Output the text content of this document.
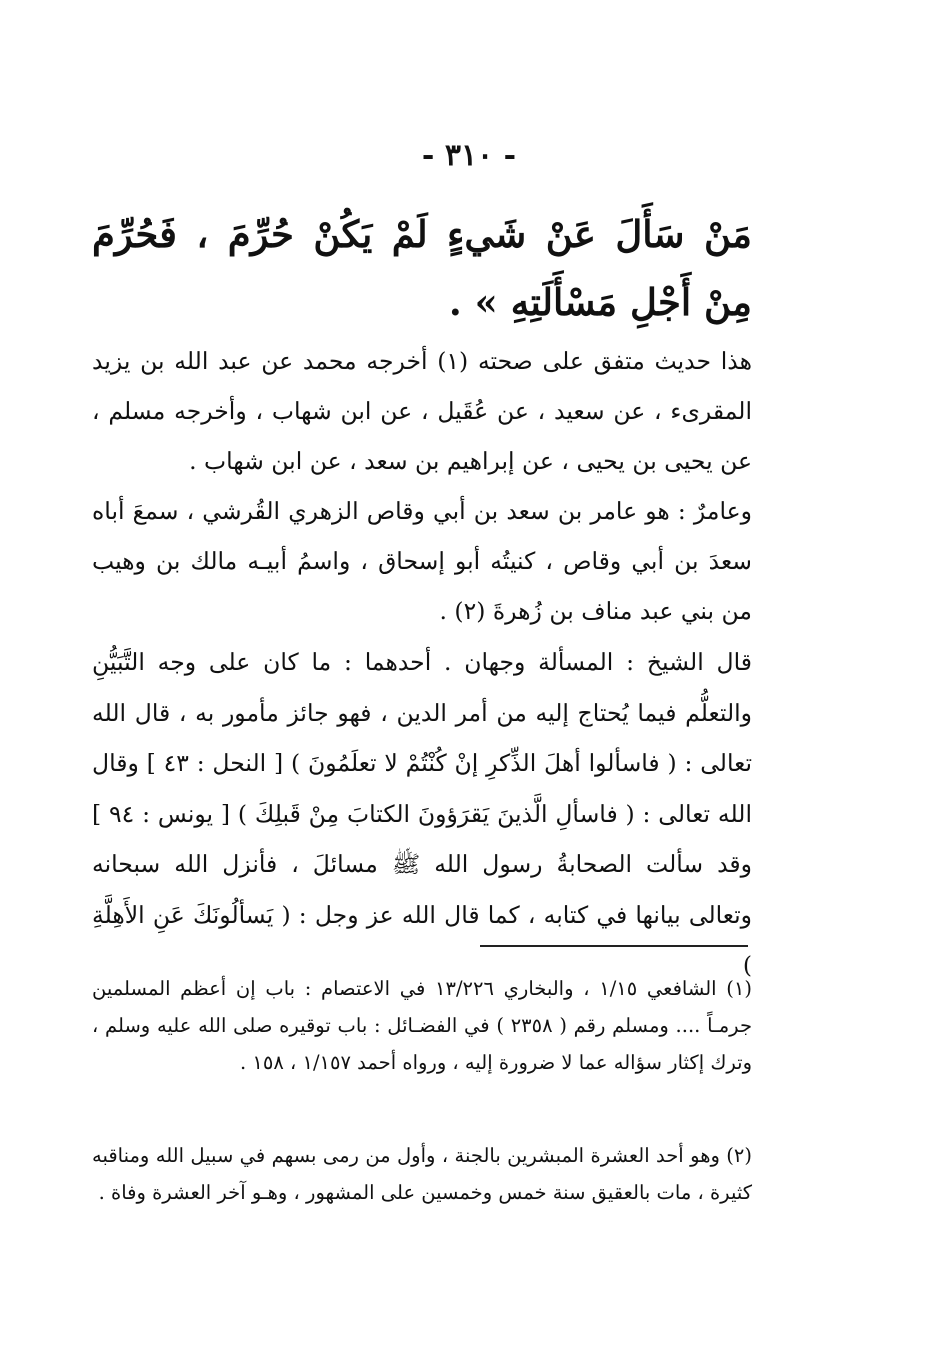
- ٣١٠ -
مَنْ سَأَلَ عَنْ شَيءٍ لَمْ يَكُنْ حُرِّمَ ، فَحُرِّمَ مِنْ أَجْلِ مَسْأَلَتِهِ » .
هذا حديث متفق على صحته (١) أخرجه محمد عن عبد الله بن يزيد المقرىء ، عن سعيد ، عن عُقَيل ، عن ابن شهاب ، وأخرجه مسلم ، عن يحيى بن يحيى ، عن إبراهيم بن سعد ، عن ابن شهاب .
وعامرٌ : هو عامر بن سعد بن أبي وقاص الزهري القُرشي ، سمعَ أباه سعدَ بن أبي وقاص ، كنيتُه أبو إسحاق ، واسمُ أبيـه مالك بن وهيب من بني عبد مناف بن زُهرةَ (٢) .
قال الشيخ : المسألة وجهان . أحدهما : ما كان على وجه التَّبَيُّنِ والتعلُّم فيما يُحتاج إليه من أمر الدين ، فهو جائز مأمور به ، قال الله تعالى : ( فاسألوا أهلَ الذِّكرِ إنْ كُنْتُمْ لا تعلَمُونَ ) [ النحل : ٤٣ ] وقال الله تعالى : ( فاسألِ الَّذينَ يَقرَؤونَ الكتابَ مِنْ قَبلِكَ ) [ يونس : ٩٤ ] وقد سألت الصحابةُ رسول الله ﷺ مسائلَ ، فأنزل الله سبحانه وتعالى بيانها في كتابه ، كما قال الله عز وجل : ( يَسألُونَكَ عَنِ الأَهِلَّةِ )
(١) الشافعي ١/١٥ ، والبخاري ١٣/٢٢٦ في الاعتصام : باب إن أعظم المسلمين جرمـاً .... ومسلم رقم ( ٢٣٥٨ ) في الفضـائل : باب توقيره صلى الله عليه وسلم ، وترك إكثار سؤاله عما لا ضرورة إليه ، ورواه أحمد ١/١٥٧ ، ١٥٨ .
(٢) وهو أحد العشرة المبشرين بالجنة ، وأول من رمى بسهم في سبيل الله ومناقبه كثيرة ، مات بالعقيق سنة خمس وخمسين على المشهور ، وهـو آخر العشرة وفاة .
